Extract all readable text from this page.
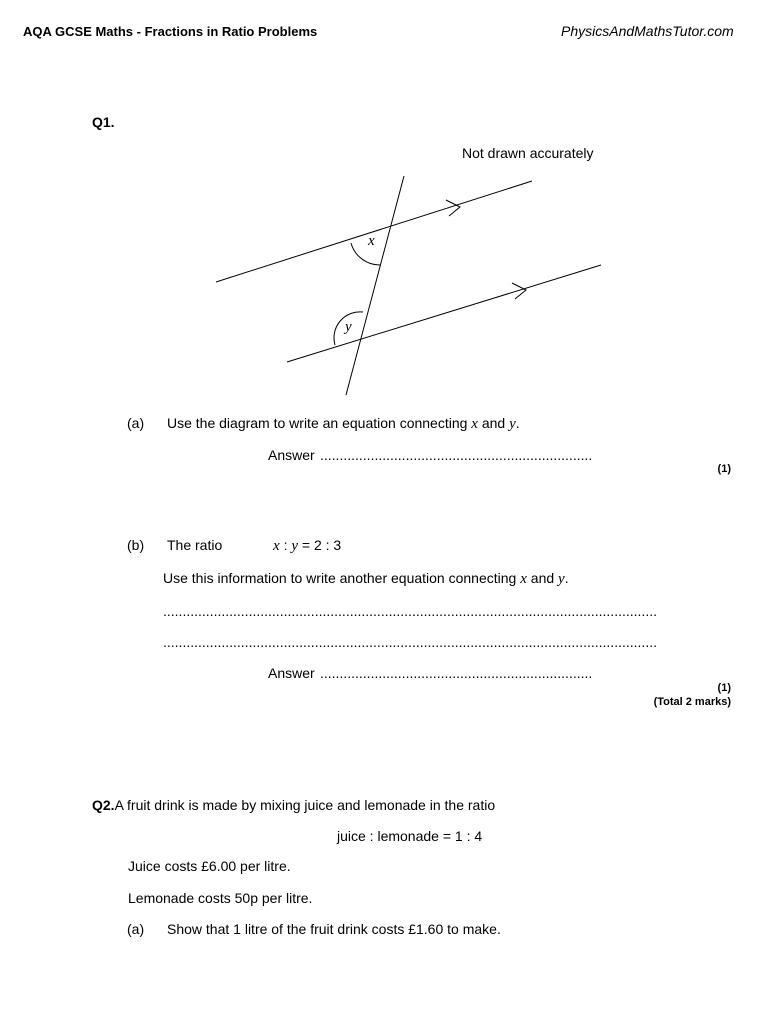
AQA GCSE Maths - Fractions in Ratio Problems	PhysicsAndMathsTutor.com
Q1.
Not drawn accurately
x
y
(a) Use the diagram to write an equation connecting x and y.
Answer ......................................................................
(1)
(b) The ratio	x : y = 2 : 3
Use this information to write another equation connecting x and y.
...............................................................................................................................
...............................................................................................................................
Answer ......................................................................
(1)
(Total 2 marks)
Q2.A fruit drink is made by mixing juice and lemonade in the ratio
juice : lemonade = 1 : 4
Juice costs £6.00 per litre.
Lemonade costs 50p per litre.
(a) Show that 1 litre of the fruit drink costs £1.60 to make.
